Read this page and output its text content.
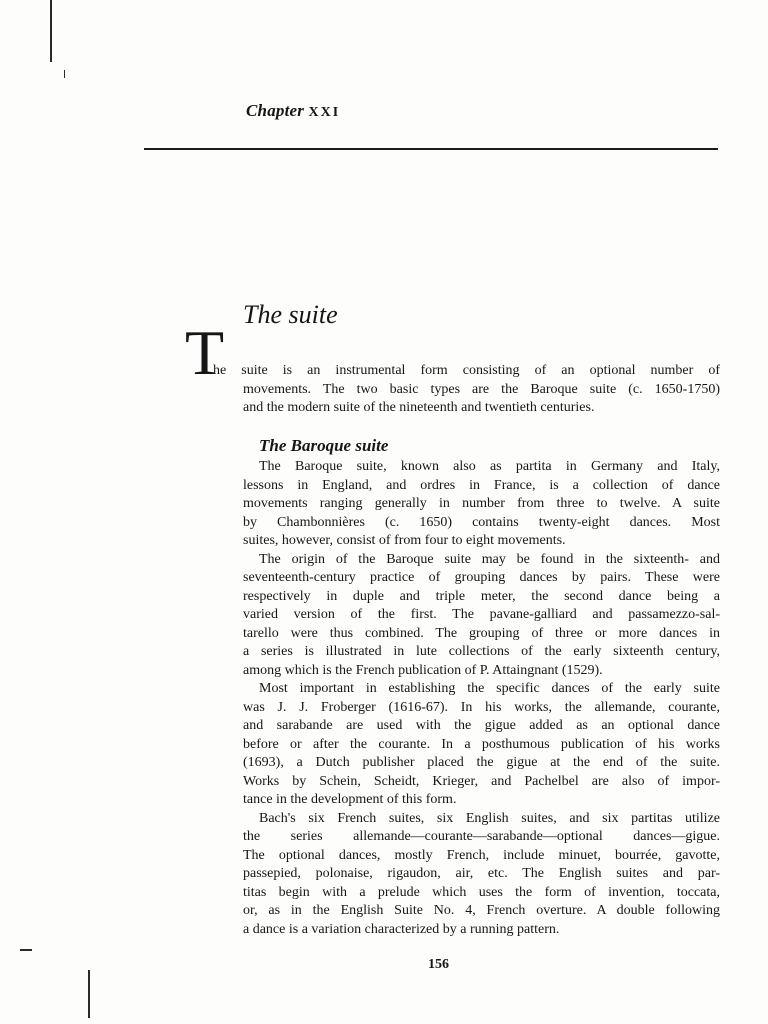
Chapter XXI
The suite
T
he suite is an instrumental form consisting of an optional number of
movements. The two basic types are the Baroque suite (c. 1650-1750)
and the modern suite of the nineteenth and twentieth centuries.
The Baroque suite
The Baroque suite, known also as partita in Germany and Italy,
lessons in England, and ordres in France, is a collection of dance
movements ranging generally in number from three to twelve. A suite
by Chambonnières (c. 1650) contains twenty-eight dances. Most
suites, however, consist of from four to eight movements.
The origin of the Baroque suite may be found in the sixteenth- and
seventeenth-century practice of grouping dances by pairs. These were
respectively in duple and triple meter, the second dance being a
varied version of the first. The pavane-galliard and passamezzo-sal-
tarello were thus combined. The grouping of three or more dances in
a series is illustrated in lute collections of the early sixteenth century,
among which is the French publication of P. Attaingnant (1529).
Most important in establishing the specific dances of the early suite
was J. J. Froberger (1616-67). In his works, the allemande, courante,
and sarabande are used with the gigue added as an optional dance
before or after the courante. In a posthumous publication of his works
(1693), a Dutch publisher placed the gigue at the end of the suite.
Works by Schein, Scheidt, Krieger, and Pachelbel are also of impor-
tance in the development of this form.
Bach's six French suites, six English suites, and six partitas utilize
the series allemande—courante—sarabande—optional dances—gigue.
The optional dances, mostly French, include minuet, bourrée, gavotte,
passepied, polonaise, rigaudon, air, etc. The English suites and par-
titas begin with a prelude which uses the form of invention, toccata,
or, as in the English Suite No. 4, French overture. A double following
a dance is a variation characterized by a running pattern.
156
